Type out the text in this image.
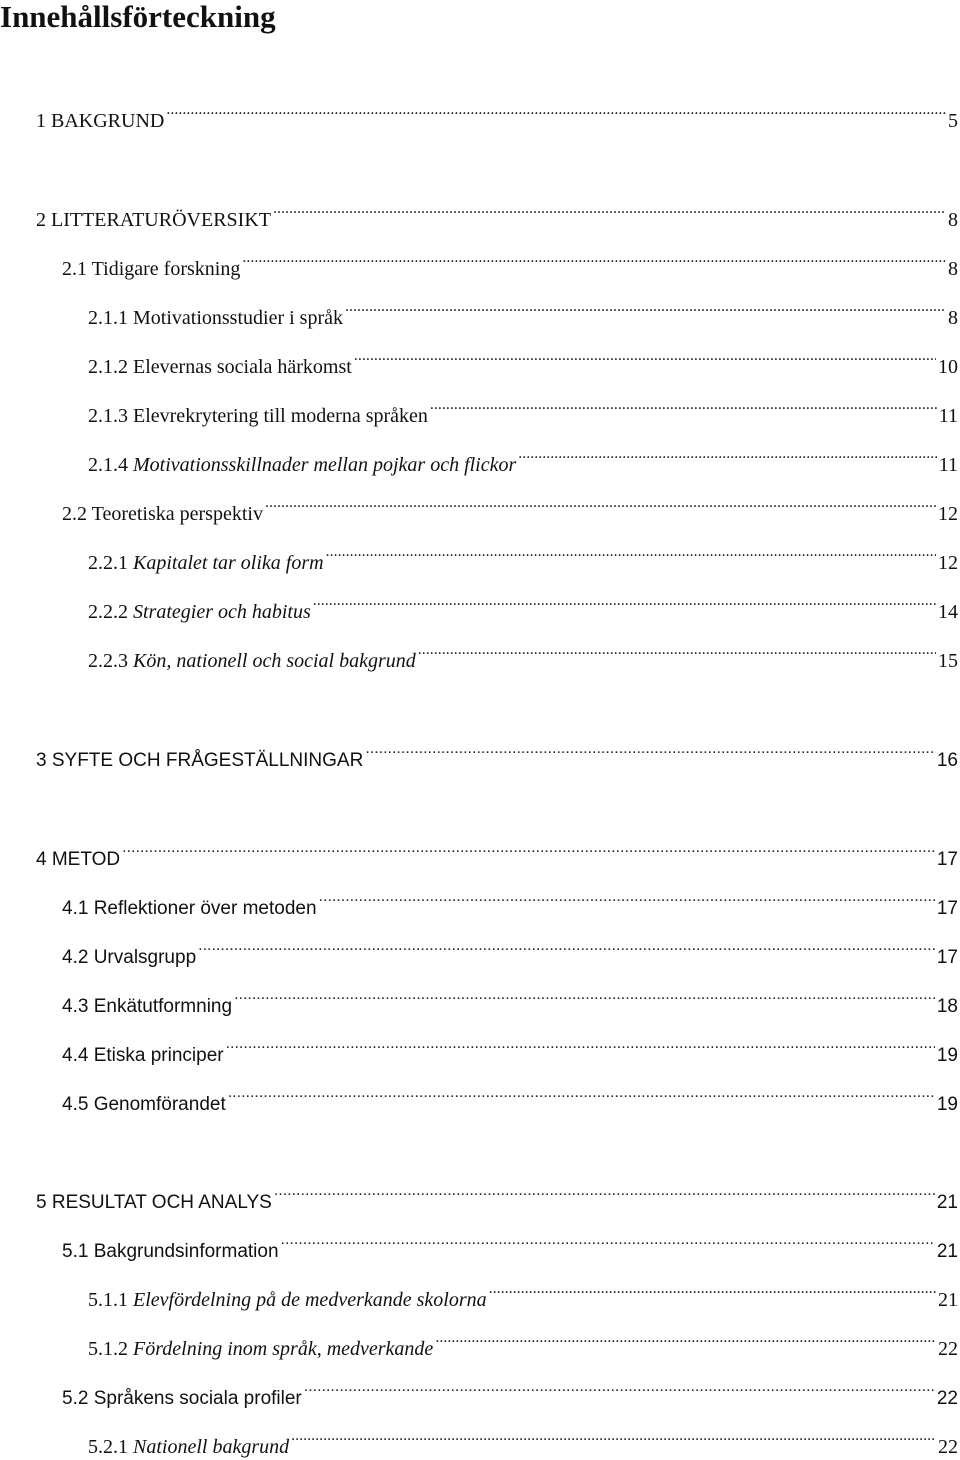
Innehållsförteckning
1 BAKGRUND .....	5
2 LITTERATURÖVERSIKT .....	8
2.1 Tidigare forskning .....	8
2.1.1 Motivationsstudier i språk .....	8
2.1.2 Elevernas sociala härkomst .....	10
2.1.3 Elevrekrytering till moderna språken .....	11
2.1.4 Motivationsskillnader mellan pojkar och flickor .....	11
2.2 Teoretiska perspektiv .....	12
2.2.1 Kapitalet tar olika form .....	12
2.2.2 Strategier och habitus .....	14
2.2.3 Kön, nationell och social bakgrund .....	15
3 SYFTE OCH FRÅGESTÄLLNINGAR .....	16
4 METOD .....	17
4.1 Reflektioner över metoden .....	17
4.2 Urvalsgrupp .....	17
4.3 Enkätutformning .....	18
4.4 Etiska principer .....	19
4.5 Genomförandet .....	19
5 RESULTAT OCH ANALYS .....	21
5.1 Bakgrundsinformation .....	21
5.1.1 Elevfördelning på de medverkande skolorna .....	21
5.1.2 Fördelning inom språk, medverkande .....	22
5.2 Språkens sociala profiler .....	22
5.2.1 Nationell bakgrund .....	22
